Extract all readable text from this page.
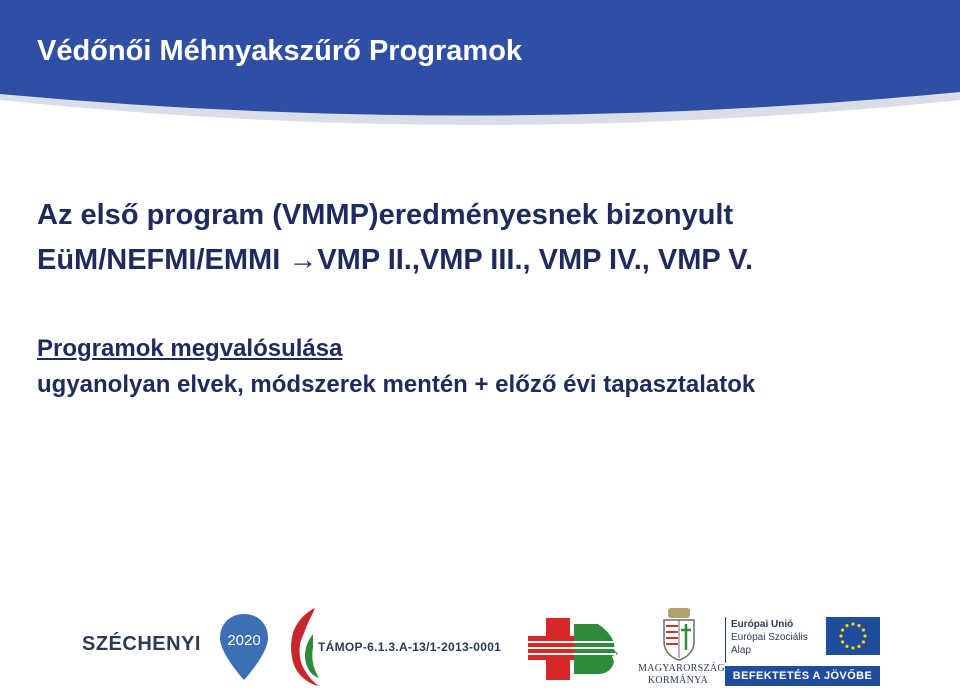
Védőnői Méhnyakszűrő Programok
Az első program (VMMP)eredményesnek bizonyult
EüM/NEFMI/EMMI →VMP II.,VMP III., VMP IV., VMP V.
Programok megvalósulása
ugyanolyan elvek, módszerek mentén + előző évi tapasztalatok
SZÉCHENYI 2020	TÁMOP-6.1.3.A-13/1-2013-0001
MAGYARORSZÁG
KORMÁNYA
Európai Unió
Európai Szociális
Alap
BEFEKTETÉS A JÖVŐBE
